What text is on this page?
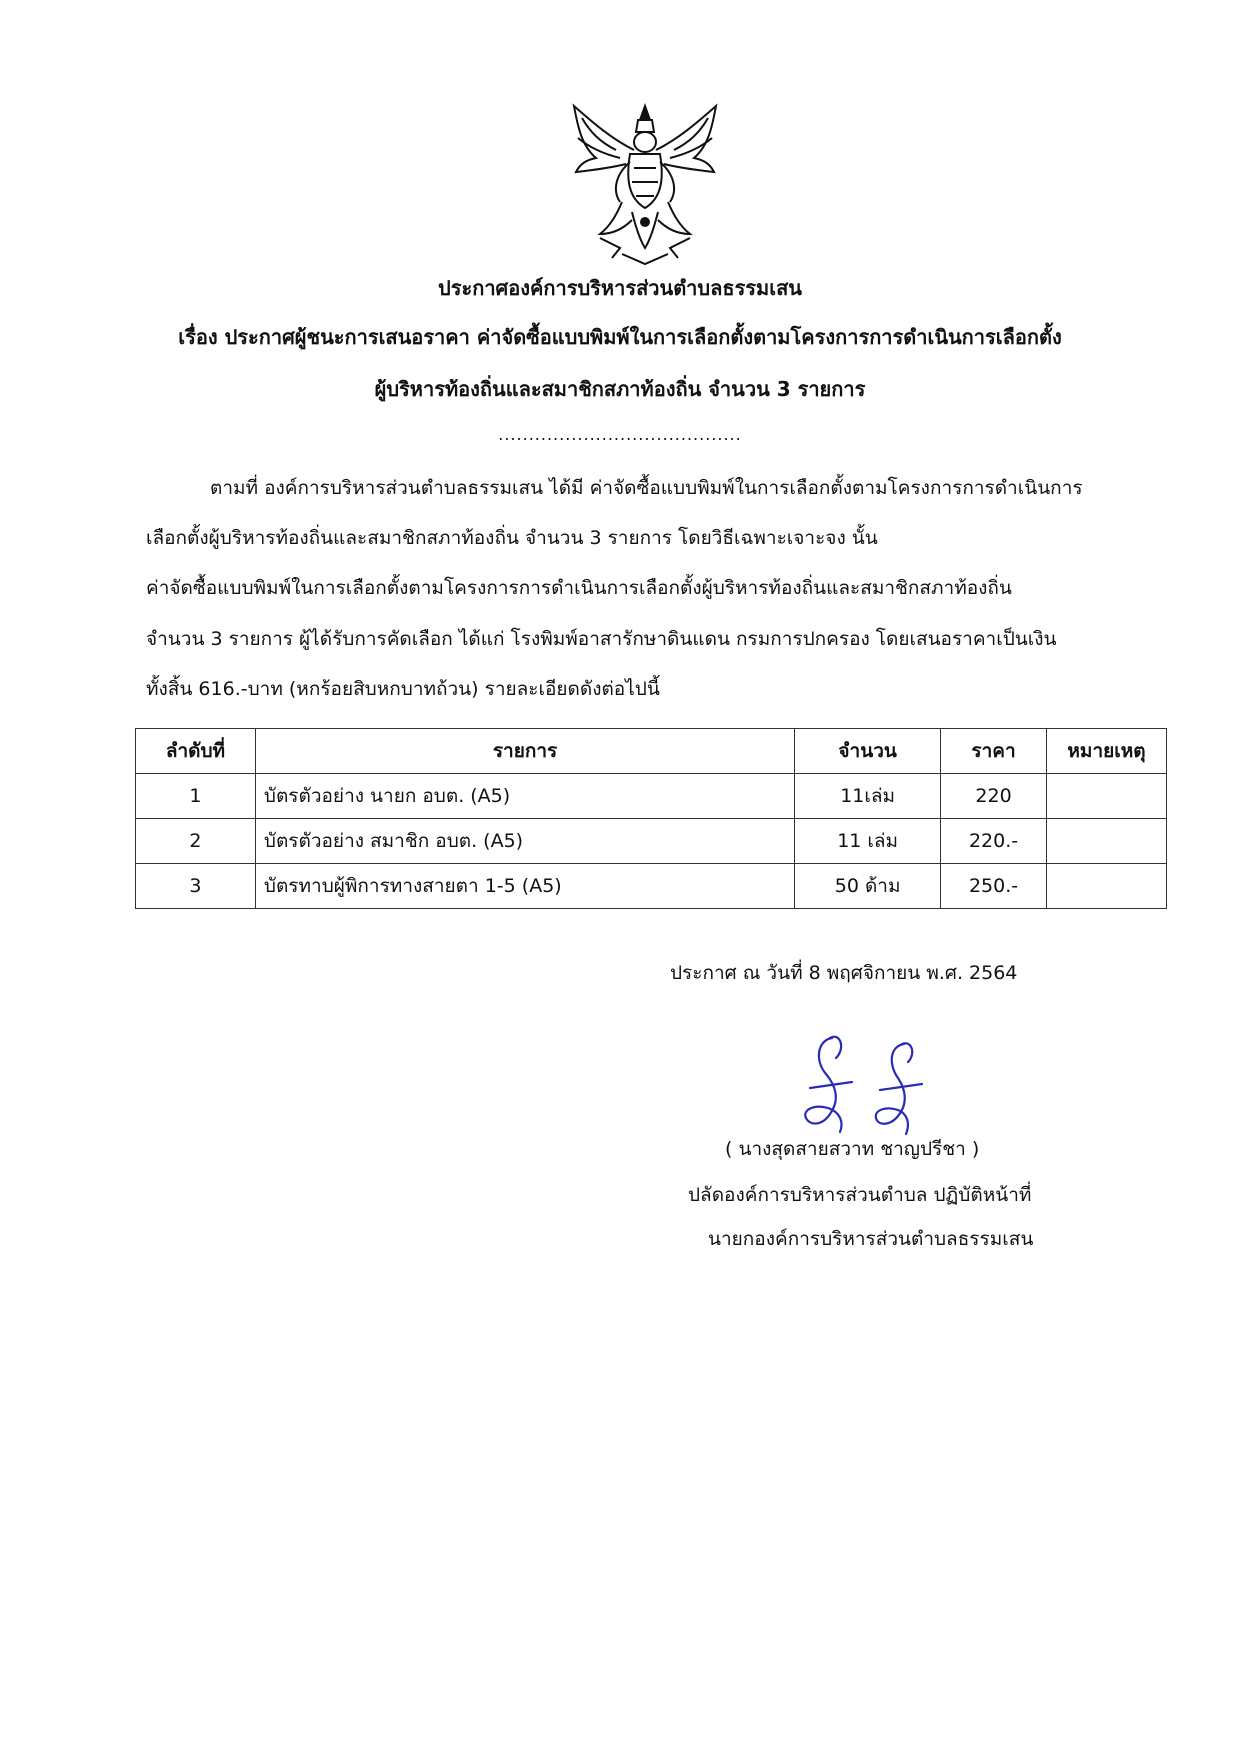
ประกาศองค์การบริหารส่วนตำบลธรรมเสน
เรื่อง ประกาศผู้ชนะการเสนอราคา ค่าจัดซื้อแบบพิมพ์ในการเลือกตั้งตามโครงการการดำเนินการเลือกตั้ง
ผู้บริหารท้องถิ่นและสมาชิกสภาท้องถิ่น จำนวน 3 รายการ
........................................
ตามที่ องค์การบริหารส่วนตำบลธรรมเสน ได้มี ค่าจัดซื้อแบบพิมพ์ในการเลือกตั้งตามโครงการการดำเนินการ
เลือกตั้งผู้บริหารท้องถิ่นและสมาชิกสภาท้องถิ่น จำนวน 3 รายการ โดยวิธีเฉพาะเจาะจง นั้น
ค่าจัดซื้อแบบพิมพ์ในการเลือกตั้งตามโครงการการดำเนินการเลือกตั้งผู้บริหารท้องถิ่นและสมาชิกสภาท้องถิ่น
จำนวน 3 รายการ ผู้ได้รับการคัดเลือก ได้แก่ โรงพิมพ์อาสารักษาดินแดน กรมการปกครอง โดยเสนอราคาเป็นเงิน
ทั้งสิ้น 616.-บาท (หกร้อยสิบหกบาทถ้วน) รายละเอียดดังต่อไปนี้
ลำดับที่	รายการ	จำนวน	ราคา	หมายเหตุ
1	บัตรตัวอย่าง นายก อบต. (A5)	11เล่ม	220	
2	บัตรตัวอย่าง สมาชิก อบต. (A5)	11 เล่ม	220.-	
3	บัตรทาบผู้พิการทางสายตา 1-5 (A5)	50 ด้าม	250.-	
ประกาศ ณ วันที่ 8 พฤศจิกายน พ.ศ. 2564
( นางสุดสายสวาท ชาญปรีชา )
ปลัดองค์การบริหารส่วนตำบล ปฏิบัติหน้าที่
นายกองค์การบริหารส่วนตำบลธรรมเสน
